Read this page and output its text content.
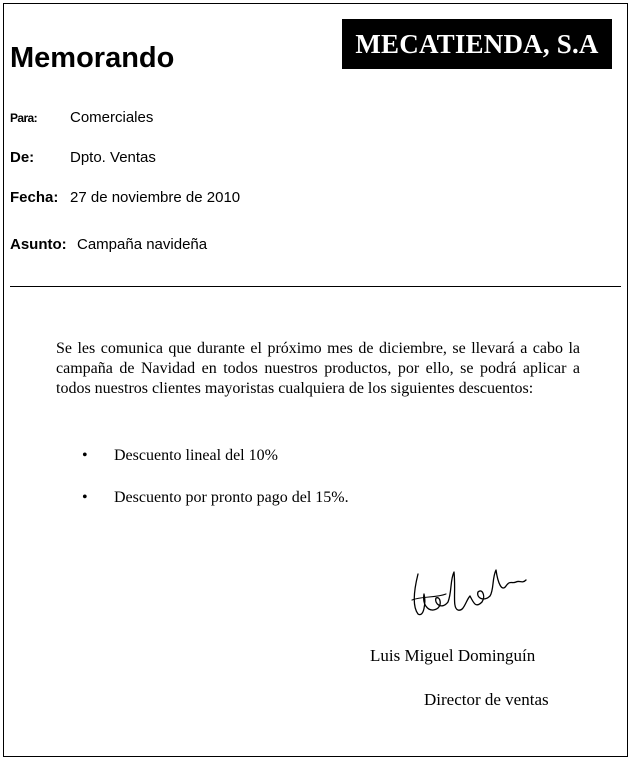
MECATIENDA, S.A
Memorando
Para: Comerciales
De: Dpto. Ventas
Fecha: 27 de noviembre de 2010
Asunto: Campaña navideña

Se les comunica que durante el próximo mes de diciembre, se llevará a cabo la campaña de Navidad en todos nuestros productos, por ello, se podrá aplicar a todos nuestros clientes mayoristas cualquiera de los siguientes descuentos:

• Descuento lineal del 10%
• Descuento por pronto pago del 15%.
Luis Miguel Dominguín
Director de ventas
